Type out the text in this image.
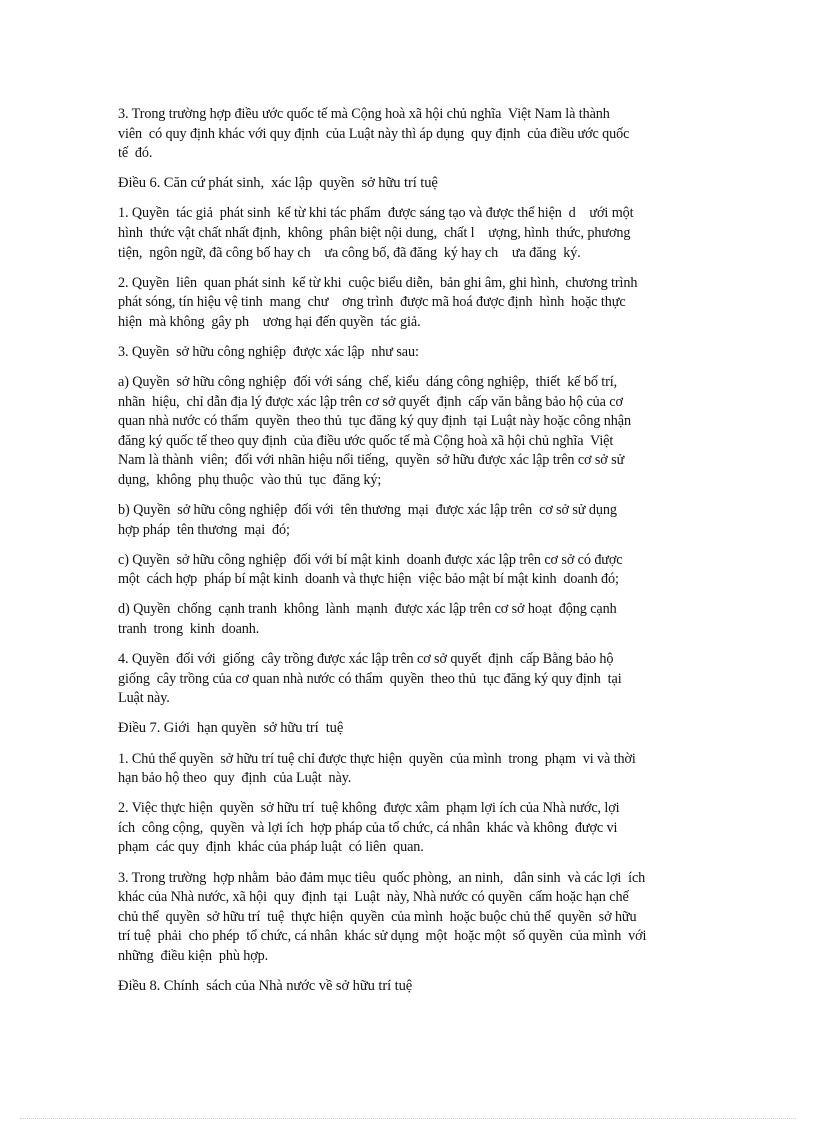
3. Trong trường hợp điều ước quốc tế mà Cộng hoà xã hội chủ nghĩa  Việt Nam là thành
viên  có quy định khác với quy định  của Luật này thì áp dụng  quy định  của điều ước quốc
tế  đó.
Điều 6. Căn cứ phát sinh,  xác lập  quyền  sở hữu trí tuệ
1. Quyền  tác giả  phát sinh  kể từ khi tác phẩm  được sáng tạo và được thể hiện  d    ưới một
hình  thức vật chất nhất định,  không  phân biệt nội dung,  chất l    ượng, hình  thức, phương
tiện,  ngôn ngữ, đã công bố hay ch    ưa công bố, đã đăng  ký hay ch    ưa đăng  ký.
2. Quyền  liên  quan phát sinh  kể từ khi  cuộc biểu diễn,  bản ghi âm, ghi hình,  chương trình
phát sóng, tín hiệu vệ tinh  mang  chư    ơng trình  được mã hoá được định  hình  hoặc thực
hiện  mà không  gây ph    ương hại đến quyền  tác giả.
3. Quyền  sở hữu công nghiệp  được xác lập  như sau:
a) Quyền  sở hữu công nghiệp  đối với sáng  chế, kiểu  dáng công nghiệp,  thiết  kế bố trí,
nhãn  hiệu,  chỉ dẫn địa lý được xác lập trên cơ sở quyết  định  cấp văn bằng bảo hộ của cơ
quan nhà nước có thẩm  quyền  theo thủ  tục đăng ký quy định  tại Luật này hoặc công nhận
đăng ký quốc tế theo quy định  của điều ước quốc tế mà Cộng hoà xã hội chủ nghĩa  Việt
Nam là thành  viên;  đối với nhãn hiệu nổi tiếng,  quyền  sở hữu được xác lập trên cơ sở sử
dụng,  không  phụ thuộc  vào thủ  tục  đăng ký;
b) Quyền  sở hữu công nghiệp  đối với  tên thương  mại  được xác lập trên  cơ sở sử dụng
hợp pháp  tên thương  mại  đó;
c) Quyền  sở hữu công nghiệp  đối với bí mật kinh  doanh được xác lập trên cơ sở có được
một  cách hợp  pháp bí mật kinh  doanh và thực hiện  việc bảo mật bí mật kinh  doanh đó;
d) Quyền  chống  cạnh tranh  không  lành  mạnh  được xác lập trên cơ sở hoạt  động cạnh
tranh  trong  kinh  doanh.
4. Quyền  đối với  giống  cây trồng được xác lập trên cơ sở quyết  định  cấp Bằng bảo hộ
giống  cây trồng của cơ quan nhà nước có thẩm  quyền  theo thủ  tục đăng ký quy định  tại
Luật này.
Điều 7. Giới  hạn quyền  sở hữu trí  tuệ
1. Chủ thể quyền  sở hữu trí tuệ chỉ được thực hiện  quyền  của mình  trong  phạm  vi và thời
hạn bảo hộ theo  quy  định  của Luật  này.
2. Việc thực hiện  quyền  sở hữu trí  tuệ không  được xâm  phạm lợi ích của Nhà nước, lợi
ích  công cộng,  quyền  và lợi ích  hợp pháp của tổ chức, cá nhân  khác và không  được vi
phạm  các quy  định  khác của pháp luật  có liên  quan.
3. Trong trường  hợp nhằm  bảo đảm mục tiêu  quốc phòng,  an ninh,   dân sinh  và các lợi  ích
khác của Nhà nước, xã hội  quy  định  tại  Luật  này, Nhà nước có quyền  cấm hoặc hạn chế
chủ thể  quyền  sở hữu trí  tuệ  thực hiện  quyền  của mình  hoặc buộc chủ thể  quyền  sở hữu
trí tuệ  phải  cho phép  tổ chức, cá nhân  khác sử dụng  một  hoặc một  số quyền  của mình  với
những  điều kiện  phù hợp.
Điều 8. Chính  sách của Nhà nước về sở hữu trí tuệ
